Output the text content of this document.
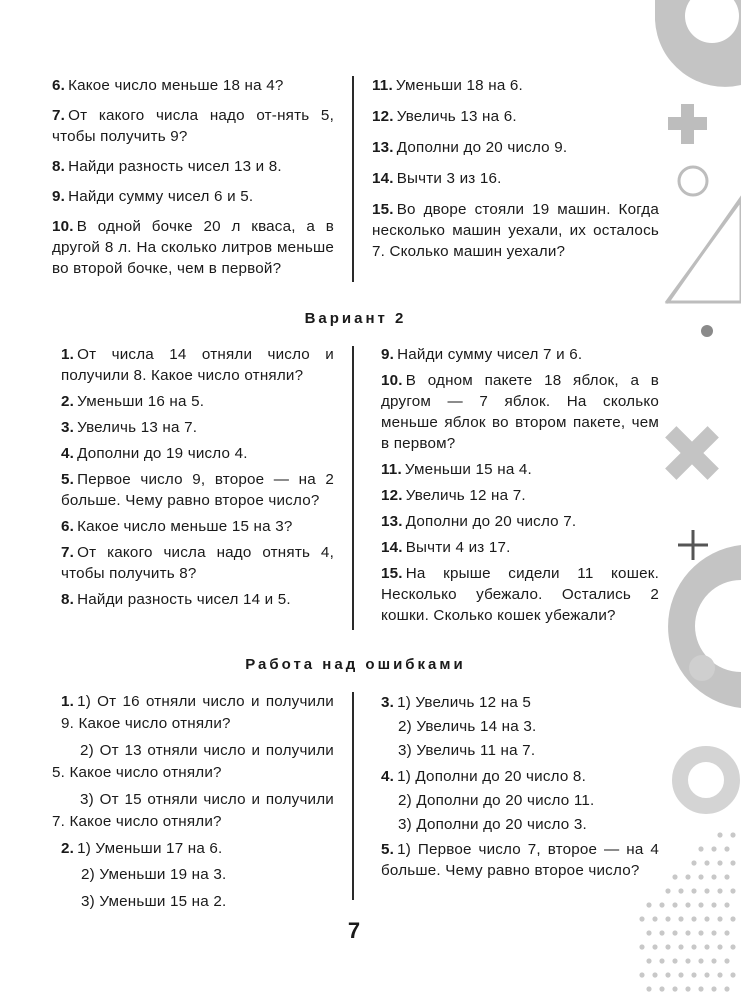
6. Какое число меньше 18 на 4?
7. От какого числа надо от-нять 5, чтобы получить 9?
8. Найди разность чисел 13 и 8.
9. Найди сумму чисел 6 и 5.
10. В одной бочке 20 л кваса, а в другой 8 л. На сколько литров меньше во второй бочке, чем в первой?
11. Уменьши 18 на 6.
12. Увеличь 13 на 6.
13. Дополни до 20 число 9.
14. Вычти 3 из 16.
15. Во дворе стояли 19 машин. Когда несколько машин уехали, их осталось 7. Сколько машин уехали?
Вариант 2
1. От числа 14 отняли число и получили 8. Какое число отняли?
2. Уменьши 16 на 5.
3. Увеличь 13 на 7.
4. Дополни до 19 число 4.
5. Первое число 9, второе — на 2 больше. Чему равно второе число?
6. Какое число меньше 15 на 3?
7. От какого числа надо отнять 4, чтобы получить 8?
8. Найди разность чисел 14 и 5.
9. Найди сумму чисел 7 и 6.
10. В одном пакете 18 яблок, а в другом — 7 яблок. На сколько меньше яблок во втором пакете, чем в первом?
11. Уменьши 15 на 4.
12. Увеличь 12 на 7.
13. Дополни до 20 число 7.
14. Вычти 4 из 17.
15. На крыше сидели 11 кошек. Несколько убежало. Остались 2 кошки. Сколько кошек убежали?
Работа над ошибками
1. 1) От 16 отняли число и получили 9. Какое число отняли?
2) От 13 отняли число и получили 5. Какое число отняли?
3) От 15 отняли число и получили 7. Какое число отняли?
2. 1) Уменьши 17 на 6.
2) Уменьши 19 на 3.
3) Уменьши 15 на 2.
3. 1) Увеличь 12 на 5
2) Увеличь 14 на 3.
3) Увеличь 11 на 7.
4. 1) Дополни до 20 число 8.
2) Дополни до 20 число 11.
3) Дополни до 20 число 3.
5. 1) Первое число 7, второе — на 4 больше. Чему равно второе число?
7
